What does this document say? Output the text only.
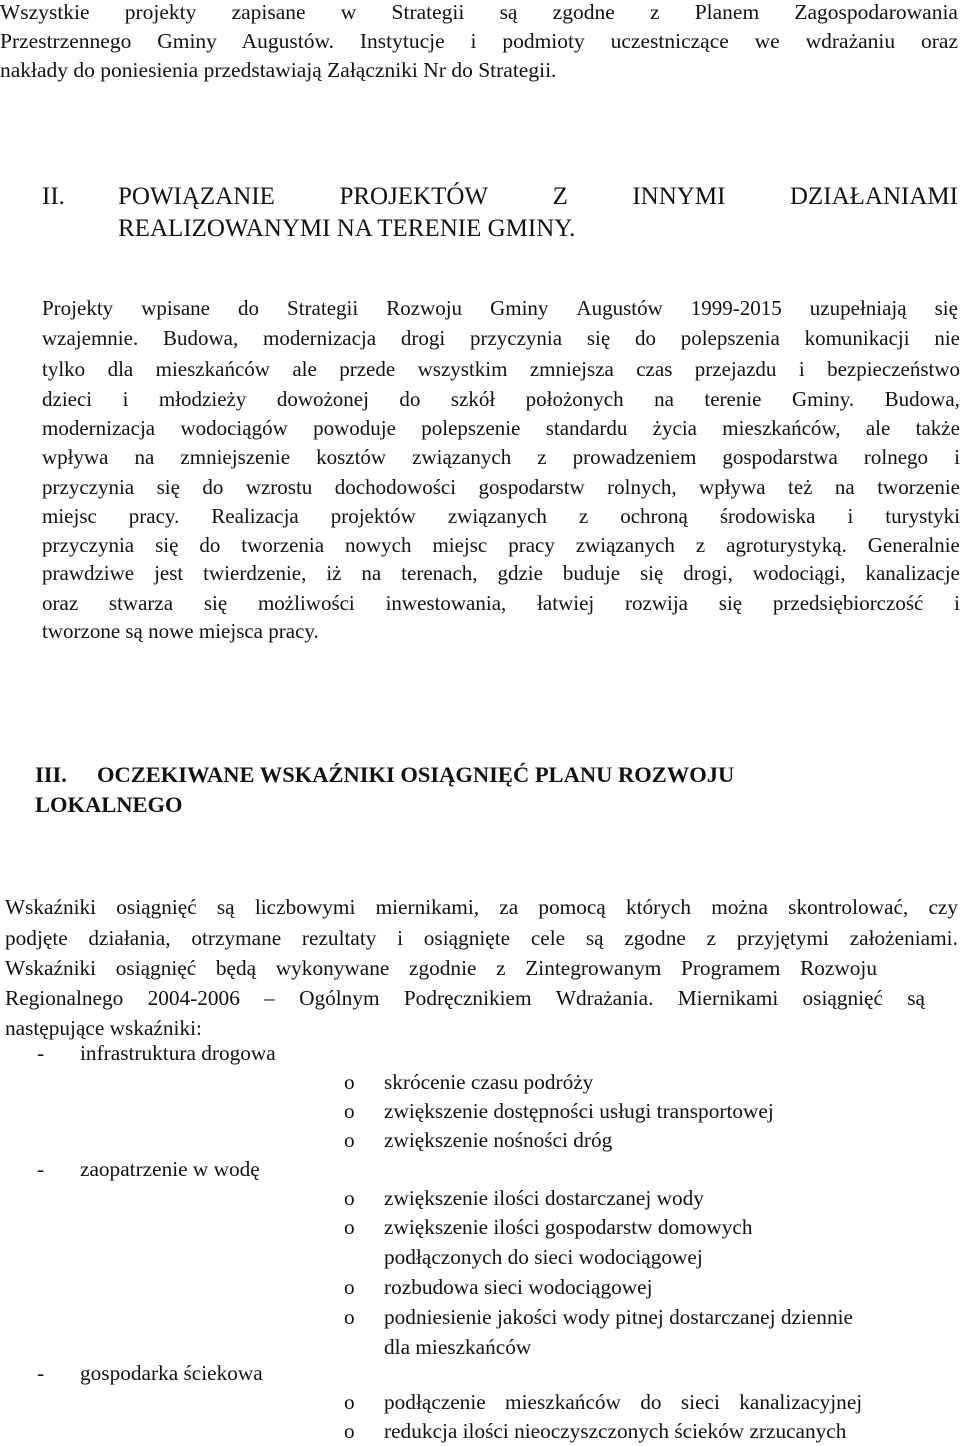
Wszystkie projekty zapisane w Strategii są zgodne z Planem Zagospodarowania
Przestrzennego Gminy Augustów. Instytucje i podmioty uczestniczące we wdrażaniu oraz
nakłady do poniesienia przedstawiają Załączniki Nr do Strategii.
II. POWIĄZANIE	PROJEKTÓW	Z	INNYMI	DZIAŁANIAMI
REALIZOWANYMI NA TERENIE GMINY.
Projekty wpisane do Strategii Rozwoju Gminy Augustów 1999-2015 uzupełniają się
wzajemnie. Budowa, modernizacja drogi przyczynia się do polepszenia komunikacji nie
tylko dla mieszkańców ale przede wszystkim zmniejsza czas przejazdu i bezpieczeństwo
dzieci i młodzieży dowożonej do szkół położonych na terenie Gminy. Budowa,
modernizacja wodociągów powoduje polepszenie standardu życia mieszkańców, ale także
wpływa na zmniejszenie kosztów związanych z prowadzeniem gospodarstwa rolnego i
przyczynia się do wzrostu dochodowości gospodarstw rolnych, wpływa też na tworzenie
miejsc pracy. Realizacja projektów związanych z ochroną środowiska i turystyki
przyczynia się do tworzenia nowych miejsc pracy związanych z agroturystyką. Generalnie
prawdziwe jest twierdzenie, iż na terenach, gdzie buduje się drogi, wodociągi, kanalizacje
oraz stwarza się możliwości inwestowania, łatwiej rozwija się przedsiębiorczość i
tworzone są nowe miejsca pracy.
III. OCZEKIWANE WSKAŹNIKI OSIĄGNIĘĆ PLANU ROZWOJU
LOKALNEGO
Wskaźniki osiągnięć są liczbowymi miernikami, za pomocą których można skontrolować, czy
podjęte działania, otrzymane rezultaty i osiągnięte cele są zgodne z przyjętymi założeniami.
Wskaźniki osiągnięć będą wykonywane zgodnie z Zintegrowanym Programem Rozwoju
Regionalnego 2004-2006 – Ogólnym Podręcznikiem Wdrażania. Miernikami osiągnięć są
następujące wskaźniki:
- infrastruktura drogowa
o skrócenie czasu podróży
o zwiększenie dostępności usługi transportowej
o zwiększenie nośności dróg
- zaopatrzenie w wodę
o zwiększenie ilości dostarczanej wody
o zwiększenie ilości gospodarstw domowych
podłączonych do sieci wodociągowej
o rozbudowa sieci wodociągowej
o podniesienie jakości wody pitnej dostarczanej dziennie
dla mieszkańców
- gospodarka ściekowa
o podłączenie mieszkańców do sieci kanalizacyjnej
o redukcja ilości nieoczyszczonych ścieków zrzucanych
